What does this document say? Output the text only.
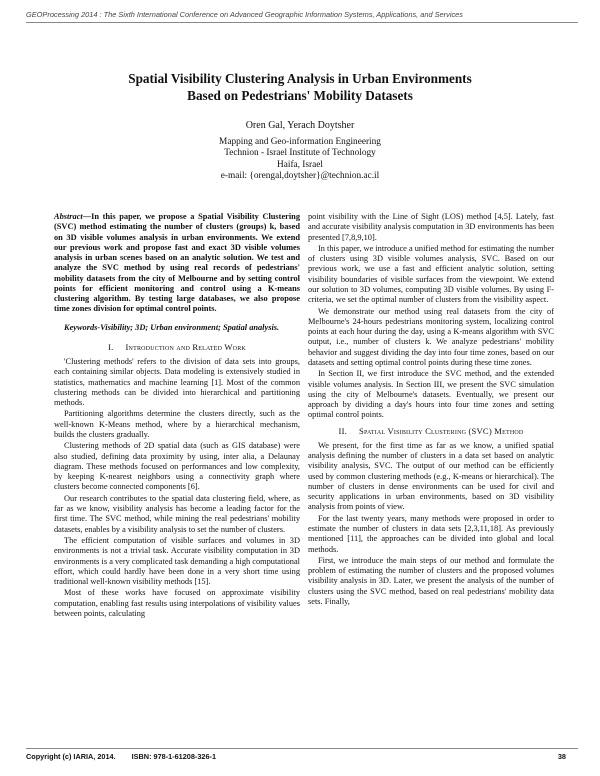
GEOProcessing 2014 : The Sixth International Conference on Advanced Geographic Information Systems, Applications, and Services

Spatial Visibility Clustering Analysis in Urban Environments
Based on Pedestrians' Mobility Datasets

Oren Gal, Yerach Doytsher
Mapping and Geo-information Engineering
Technion - Israel Institute of Technology
Haifa, Israel
e-mail: {orengal,doytsher}@technion.ac.il

Abstract—In this paper, we propose a Spatial Visibility Clustering (SVC) method estimating the number of clusters (groups) k, based on 3D visible volumes analysis in urban environments. We extend our previous work and propose fast and exact 3D visible volumes analysis in urban scenes based on an analytic solution. We test and analyze the SVC method by using real records of pedestrians' mobility datasets from the city of Melbourne and by setting control points for efficient monitoring and control using a K-means clustering algorithm. By testing large databases, we also propose time zones division for optimal control points.

Keywords-Visibility; 3D; Urban environment; Spatial analysis.

I. Introduction and Related Work

'Clustering methods' refers to the division of data sets into groups, each containing similar objects. Data modeling is extensively studied in statistics, mathematics and machine learning [1]. Most of the common clustering methods can be divided into hierarchical and partitioning methods.

Partitioning algorithms determine the clusters directly, such as the well-known K-Means method, where by a hierarchical mechanism, builds the clusters gradually.

Clustering methods of 2D spatial data (such as GIS database) were also studied, defining data proximity by using, inter alia, a Delaunay diagram. These methods focused on performances and low complexity, by keeping K-nearest neighbors using a connectivity graph where clusters become connected components [6].

Our research contributes to the spatial data clustering field, where, as far as we know, visibility analysis has become a leading factor for the first time. The SVC method, while mining the real pedestrians' mobility datasets, enables by a visibility analysis to set the number of clusters.

The efficient computation of visible surfaces and volumes in 3D environments is not a trivial task. Accurate visibility computation in 3D environments is a very complicated task demanding a high computational effort, which could hardly have been done in a very short time using traditional well-known visibility methods [15].

Most of these works have focused on approximate visibility computation, enabling fast results using interpolations of visibility values between points, calculating

point visibility with the Line of Sight (LOS) method [4,5]. Lately, fast and accurate visibility analysis computation in 3D environments has been presented [7,8,9,10].

In this paper, we introduce a unified method for estimating the number of clusters using 3D visible volumes analysis, SVC. Based on our previous work, we use a fast and efficient analytic solution, setting visibility boundaries of visible surfaces from the viewpoint. We extend our solution to 3D volumes, computing 3D visible volumes. By using F-criteria, we set the optimal number of clusters from the visibility aspect.

We demonstrate our method using real datasets from the city of Melbourne's 24-hours pedestrians monitoring system, localizing control points at each hour during the day, using a K-means algorithm with SVC output, i.e., number of clusters k. We analyze pedestrians' mobility behavior and suggest dividing the day into four time zones, based on our datasets and setting optimal control points during these time zones.

In Section II, we first introduce the SVC method, and the extended visible volumes analysis. In Section III, we present the SVC simulation using the city of Melbourne's datasets. Eventually, we present our approach by dividing a day's hours into four time zones and setting optimal control points.

II. Spatial Visibility Clustering (SVC) Method

We present, for the first time as far as we know, a unified spatial analysis defining the number of clusters in a data set based on analytic visibility analysis, SVC. The output of our method can be efficiently used by common clustering methods (e.g., K-means or hierarchical). The number of clusters in dense environments can be used for civil and security applications in urban environments, based on 3D visibility analysis from points of view.

For the last twenty years, many methods were proposed in order to estimate the number of clusters in data sets [2,3,11,18]. As previously mentioned [11], the approaches can be divided into global and local methods.

First, we introduce the main steps of our method and formulate the problem of estimating the number of clusters and the proposed volumes visibility analysis in 3D. Later, we present the analysis of the number of clusters using the SVC method, based on real pedestrians' mobility data sets. Finally,

Copyright (c) IARIA, 2014. ISBN: 978-1-61208-326-1	38
